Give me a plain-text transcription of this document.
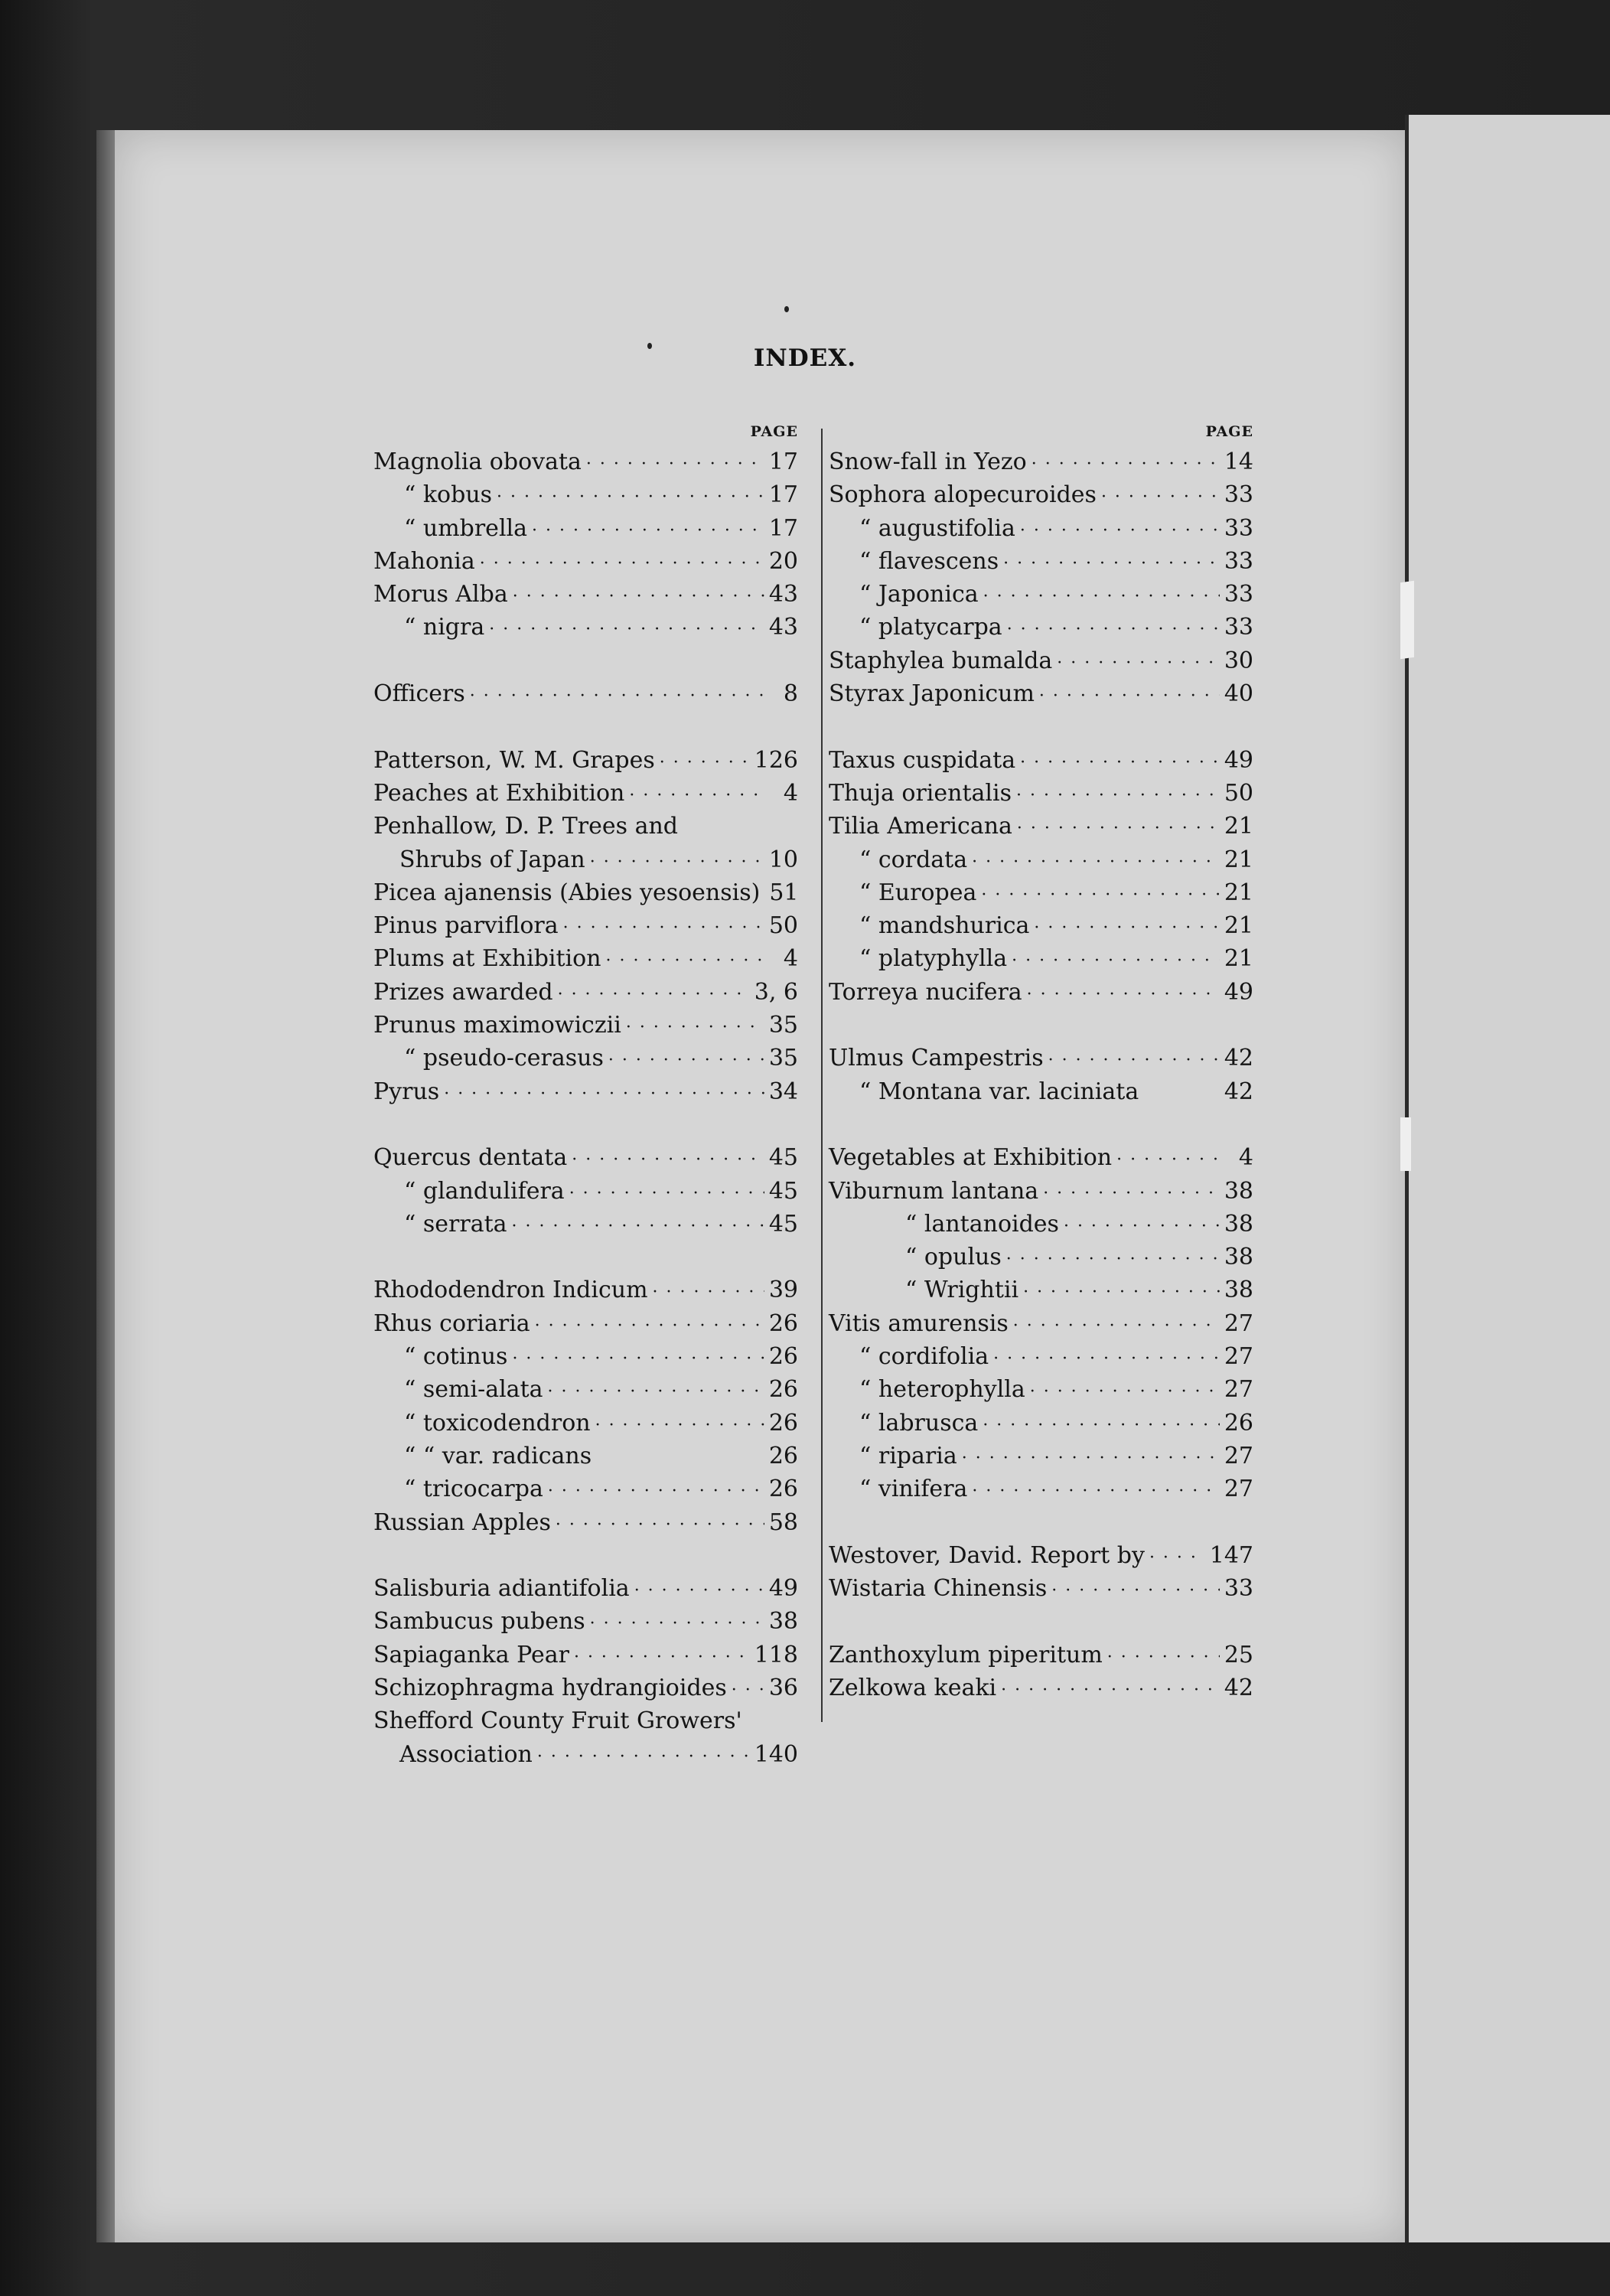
INDEX.
PAGE
Magnolia obovata · · ·	17
“ kobus · · ·	17
“ umbrella · · ·	17
Mahonia · · ·	20
Morus Alba · · ·	43
“ nigra · · ·	43
Officers · · ·	8
Patterson, W. M. Grapes · · ·	126
Peaches at Exhibition · · ·	4
Penhallow, D. P. Trees and
Shrubs of Japan · · ·	10
Picea ajanensis (Abies yesoensis) 51
Pinus parviflora · · ·	50
Plums at Exhibition · · ·	4
Prizes awarded · · ·	3, 6
Prunus maximowiczii · · ·	35
“ pseudo-cerasus · · ·	35
Pyrus · · ·	34
Quercus dentata · · ·	45
“ glandulifera · · ·	45
“ serrata · · ·	45
Rhododendron Indicum · · ·	39
Rhus coriaria · · ·	26
“ cotinus · · ·	26
“ semi-alata · · ·	26
“ toxicodendron · · ·	26
“ “ var. radicans	26
“ tricocarpa · · ·	26
Russian Apples · · ·	58
Salisburia adiantifolia · · ·	49
Sambucus pubens · · ·	38
Sapiaganka Pear · · ·	118
Schizophragma hydrangioides · · · 36
Shefford County Fruit Growers'
Association · · ·	140
PAGE
Snow-fall in Yezo · · ·	14
Sophora alopecuroides · · ·	33
“ augustifolia · · ·	33
“ flavescens · · ·	33
“ Japonica · · ·	33
“ platycarpa · · ·	33
Staphylea bumalda · · ·	30
Styrax Japonicum · · ·	40
Taxus cuspidata · · ·	49
Thuja orientalis · · ·	50
Tilia Americana · · ·	21
“ cordata · · ·	21
“ Europea · · ·	21
“ mandshurica · · ·	21
“ platyphylla · · ·	21
Torreya nucifera · · ·	49
Ulmus Campestris · · ·	42
“ Montana var. laciniata	42
Vegetables at Exhibition · · ·	4
Viburnum lantana · · ·	38
“ lantanoides · · ·	38
“ opulus · · ·	38
“ Wrightii · · ·	38
Vitis amurensis · · ·	27
“ cordifolia · · ·	27
“ heterophylla · · ·	27
“ labrusca · · ·	26
“ riparia · · ·	27
“ vinifera · · ·	27
Westover, David. Report by · · ·	147
Wistaria Chinensis · · ·	33
Zanthoxylum piperitum · · ·	25
Zelkowa keaki · · ·	42
